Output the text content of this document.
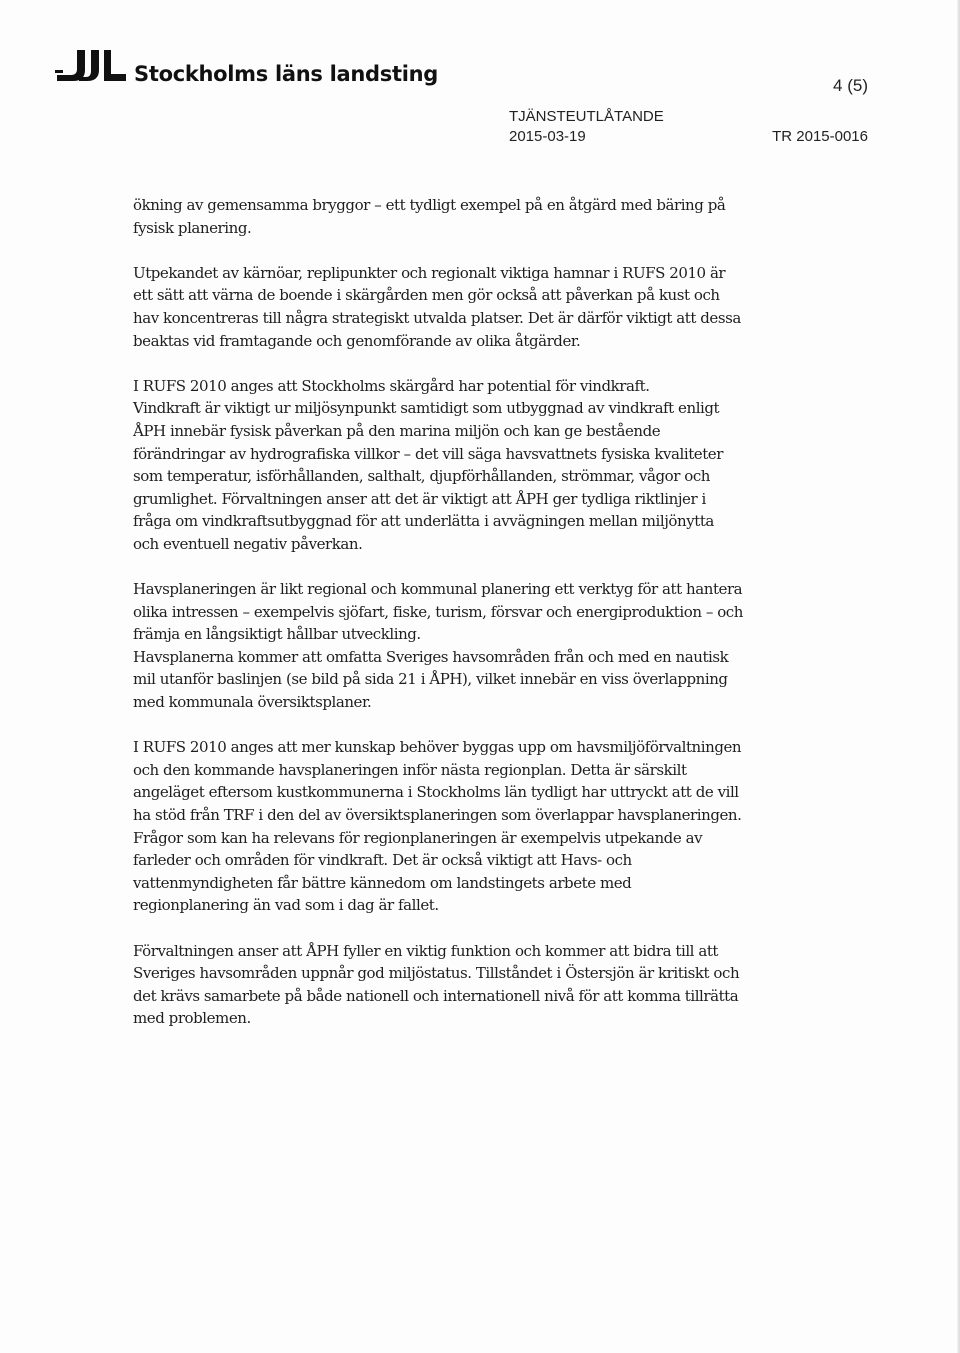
Stockholms läns landsting	4 (5)
TJÄNSTEUTLÅTANDE
2015-03-19	TR 2015-0016

ökning av gemensamma bryggor – ett tydligt exempel på en åtgärd med bäring på fysisk planering.

Utpekandet av kärnöar, replipunkter och regionalt viktiga hamnar i RUFS 2010 är ett sätt att värna de boende i skärgården men gör också att påverkan på kust och hav koncentreras till några strategiskt utvalda platser. Det är därför viktigt att dessa beaktas vid framtagande och genomförande av olika åtgärder.

I RUFS 2010 anges att Stockholms skärgård har potential för vindkraft.

Vindkraft är viktigt ur miljösynpunkt samtidigt som utbyggnad av vindkraft enligt ÅPH innebär fysisk påverkan på den marina miljön och kan ge bestående förändringar av hydrografiska villkor – det vill säga havsvattnets fysiska kvaliteter som temperatur, isförhållanden, salthalt, djupförhållanden, strömmar, vågor och grumlighet. Förvaltningen anser att det är viktigt att ÅPH ger tydliga riktlinjer i fråga om vindkraftsutbyggnad för att underlätta i avvägningen mellan miljönytta och eventuell negativ påverkan.

Havsplaneringen är likt regional och kommunal planering ett verktyg för att hantera olika intressen – exempelvis sjöfart, fiske, turism, försvar och energiproduktion – och främja en långsiktigt hållbar utveckling.

Havsplanerna kommer att omfatta Sveriges havsområden från och med en nautisk mil utanför baslinjen (se bild på sida 21 i ÅPH), vilket innebär en viss överlappning med kommunala översiktsplaner.

I RUFS 2010 anges att mer kunskap behöver byggas upp om havsmiljöförvaltningen och den kommande havsplaneringen inför nästa regionplan. Detta är särskilt angeläget eftersom kustkommunerna i Stockholms län tydligt har uttryckt att de vill ha stöd från TRF i den del av översiktsplaneringen som överlappar havsplaneringen. Frågor som kan ha relevans för regionplaneringen är exempelvis utpekande av farleder och områden för vindkraft. Det är också viktigt att Havs- och vattenmyndigheten får bättre kännedom om landstingets arbete med regionplanering än vad som i dag är fallet.

Förvaltningen anser att ÅPH fyller en viktig funktion och kommer att bidra till att Sveriges havsområden uppnår god miljöstatus. Tillståndet i Östersjön är kritiskt och det krävs samarbete på både nationell och internationell nivå för att komma tillrätta med problemen.
